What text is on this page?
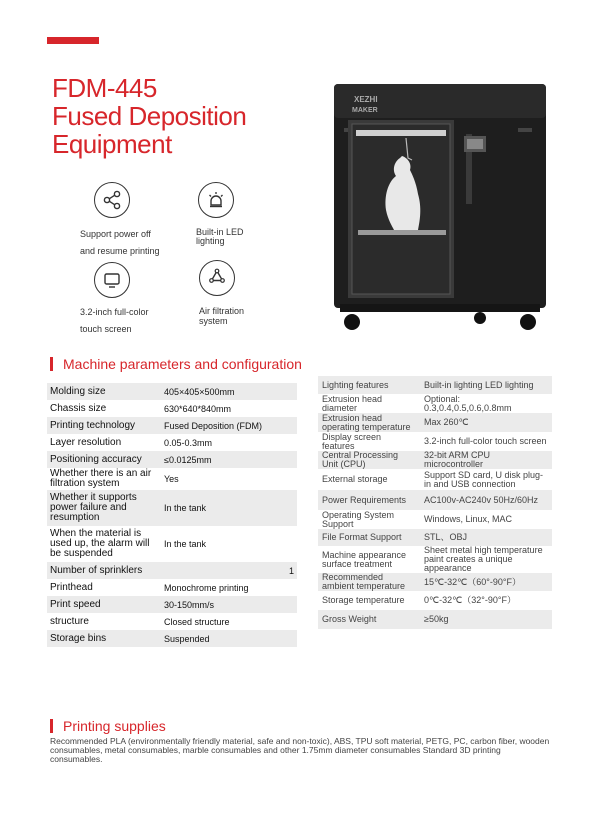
FDM-445
Fused Deposition
Equipment
Support power off
and resume printing
Built-in LED
lighting
3.2-inch full-color
touch screen
Air filtration
system
XEZHI
MAKER
Machine parameters and configuration
Molding size	405×405×500mm
Chassis size	630*640*840mm
Printing technology	Fused Deposition (FDM)
Layer resolution	0.05-0.3mm
Positioning accuracy	≤0.0125mm
Whether there is an air filtration system	Yes
Whether it supports power failure and resumption	In the tank
When the material is used up, the alarm will be suspended	In the tank
Number of sprinklers	1
Printhead	Monochrome printing
Print speed	30-150mm/s
structure	Closed structure
Storage bins	Suspended
Lighting features	Built-in lighting LED lighting
Extrusion head diameter	Optional: 0.3,0.4,0.5,0.6,0.8mm
Extrusion head operating temperature	Max 260℃
Display screen features	3.2-inch full-color touch screen
Central Processing Unit (CPU)	32-bit ARM CPU microcontroller
External storage	Support SD card, U disk plug-in and USB connection
Power Requirements	AC100v-AC240v 50Hz/60Hz
Operating System Support	Windows, Linux, MAC
File Format Support	STL、OBJ
Machine appearance surface treatment	Sheet metal high temperature paint creates a unique appearance
Recommended ambient temperature	15℃-32℃（60°-90°F）
Storage temperature	0℃-32℃（32°-90°F）
Gross Weight	≥50kg
Printing supplies
Recommended PLA (environmentally friendly material, safe and non-toxic), ABS, TPU soft material, PETG, PC, carbon fiber, wooden consumables, metal consumables, marble consumables and other 1.75mm diameter consumables Standard 3D printing consumables.
